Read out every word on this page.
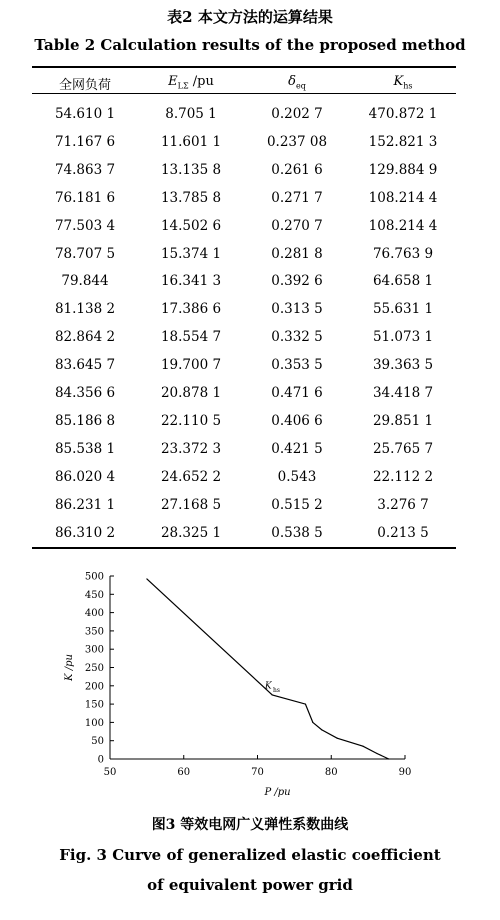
表2 本文方法的运算结果
Table 2 Calculation results of the proposed method
全网负荷	$E_{L\Sigma}$ /pu	$\delta_{eq}$	$K_{hs}$
54.610 1	8.705 1	0.202 7	470.872 1
71.167 6	11.601 1	0.237 08	152.821 3
74.863 7	13.135 8	0.261 6	129.884 9
76.181 6	13.785 8	0.271 7	108.214 4
77.503 4	14.502 6	0.270 7	108.214 4
78.707 5	15.374 1	0.281 8	76.763 9
79.844	16.341 3	0.392 6	64.658 1
81.138 2	17.386 6	0.313 5	55.631 1
82.864 2	18.554 7	0.332 5	51.073 1
83.645 7	19.700 7	0.353 5	39.363 5
84.356 6	20.878 1	0.471 6	34.418 7
85.186 8	22.110 5	0.406 6	29.851 1
85.538 1	23.372 3	0.421 5	25.765 7
86.020 4	24.652 2	0.543	22.112 2
86.231 1	27.168 5	0.515 2	3.276 7
86.310 2	28.325 1	0.538 5	0.213 5
0
50
100
150
200
250
300
350
400
450
500
50	60	70	80	90
P /pu
K /pu
K hs
图3 等效电网广义弹性系数曲线
Fig. 3 Curve of generalized elastic coefficient
of equivalent power grid
